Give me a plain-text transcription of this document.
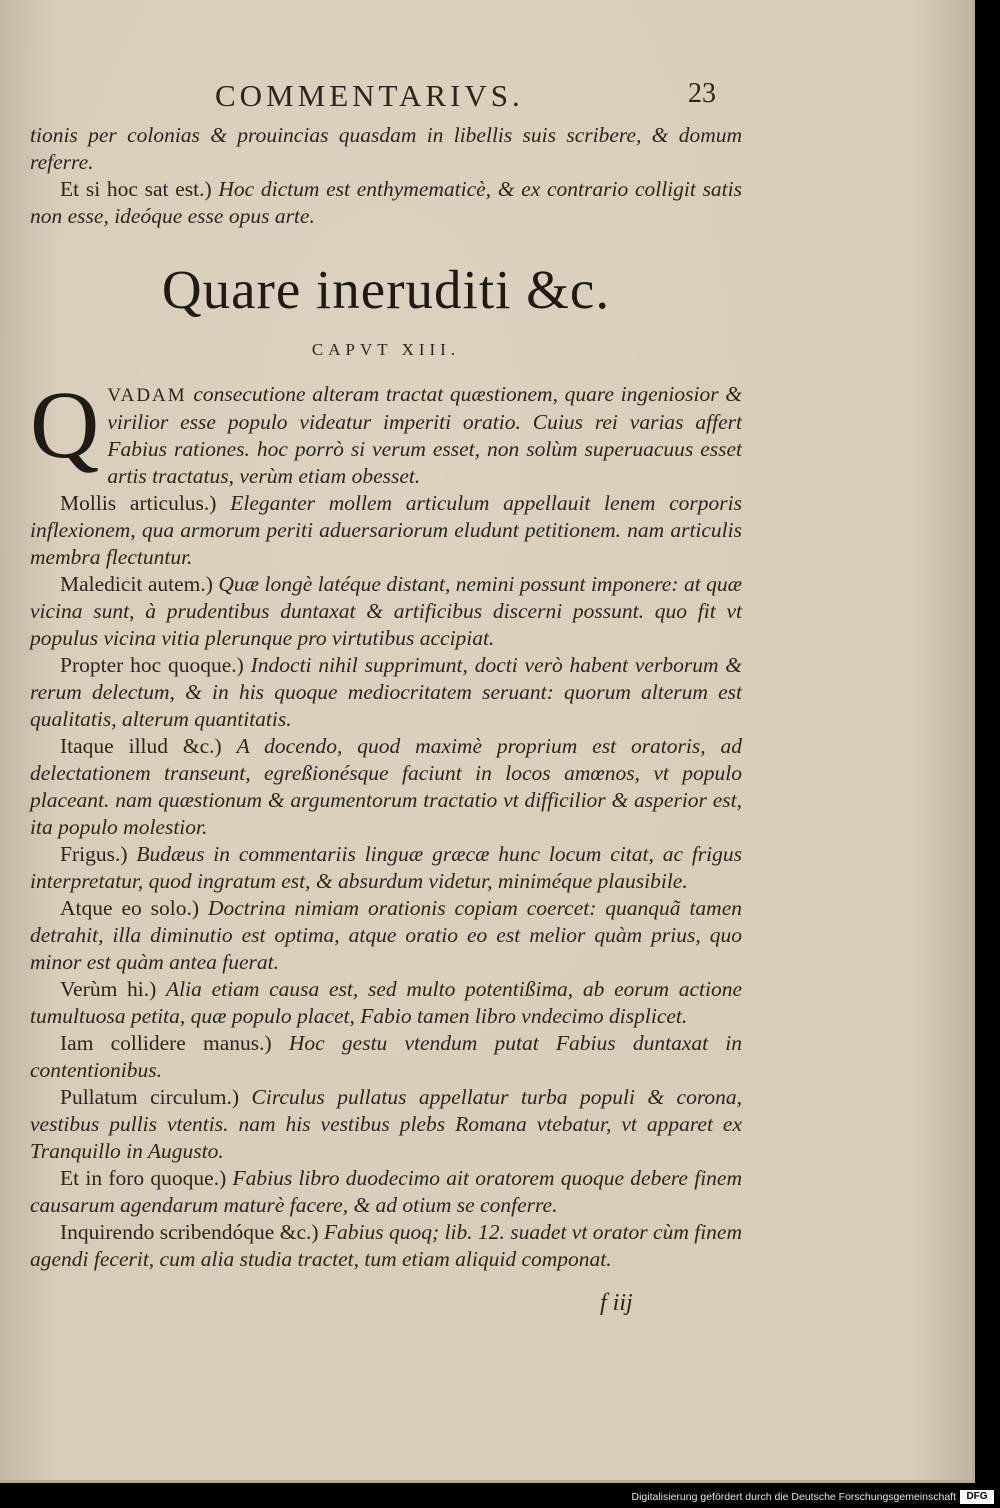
COMMENTARIVS.	23

tionis per colonias & prouincias quasdam in libellis suis scribere, & domum referre.

Et si hoc sat est.) Hoc dictum est enthymematicè, & ex contrario colligit satis non esse, ideóque esse opus arte.

Quare ineruditi &c.
CAPVT XIII.
Q VADAM consecutione alteram tractat quæstionem, quare ingeniosior & virilior esse populo videatur imperiti oratio. Cuius rei varias affert Fabius rationes. hoc porrò si verum esset, non solùm superuacuus esset artis tractatus, verùm etiam obesset.

Mollis articulus.) Eleganter mollem articulum appellauit lenem corporis inflexionem, qua armorum periti aduersariorum eludunt petitionem. nam articulis membra flectuntur.

Maledicit autem.) Quæ longè latéque distant, nemini possunt imponere: at quæ vicina sunt, à prudentibus duntaxat & artificibus discerni possunt. quo fit vt populus vicina vitia plerunque pro virtutibus accipiat.

Propter hoc quoque.) Indocti nihil supprimunt, docti verò habent verborum & rerum delectum, & in his quoque mediocritatem seruant: quorum alterum est qualitatis, alterum quantitatis.

Itaque illud &c.) A docendo, quod maximè proprium est oratoris, ad delectationem transeunt, egreßionésque faciunt in locos amœnos, vt populo placeant. nam quæstionum & argumentorum tractatio vt difficilior & asperior est, ita populo molestior.

Frigus.) Budæus in commentariis linguæ græcæ hunc locum citat, ac frigus interpretatur, quod ingratum est, & absurdum videtur, miniméque plausibile.

Atque eo solo.) Doctrina nimiam orationis copiam coercet: quanquã tamen detrahit, illa diminutio est optima, atque oratio eo est melior quàm prius, quo minor est quàm antea fuerat.

Verùm hi.) Alia etiam causa est, sed multo potentißima, ab eorum actione tumultuosa petita, quæ populo placet, Fabio tamen libro vndecimo displicet.

Iam collidere manus.) Hoc gestu vtendum putat Fabius duntaxat in contentionibus.

Pullatum circulum.) Circulus pullatus appellatur turba populi & corona, vestibus pullis vtentis. nam his vestibus plebs Romana vtebatur, vt apparet ex Tranquillo in Augusto.

Et in foro quoque.) Fabius libro duodecimo ait oratorem quoque debere finem causarum agendarum maturè facere, & ad otium se conferre.

Inquirendo scribendóque &c.) Fabius quoq; lib. 12. suadet vt orator cùm finem agendi fecerit, cum alia studia tractet, tum etiam aliquid componat.

f iij
Digitalisierung gefördert durch die Deutsche Forschungsgemeinschaft	DFG
